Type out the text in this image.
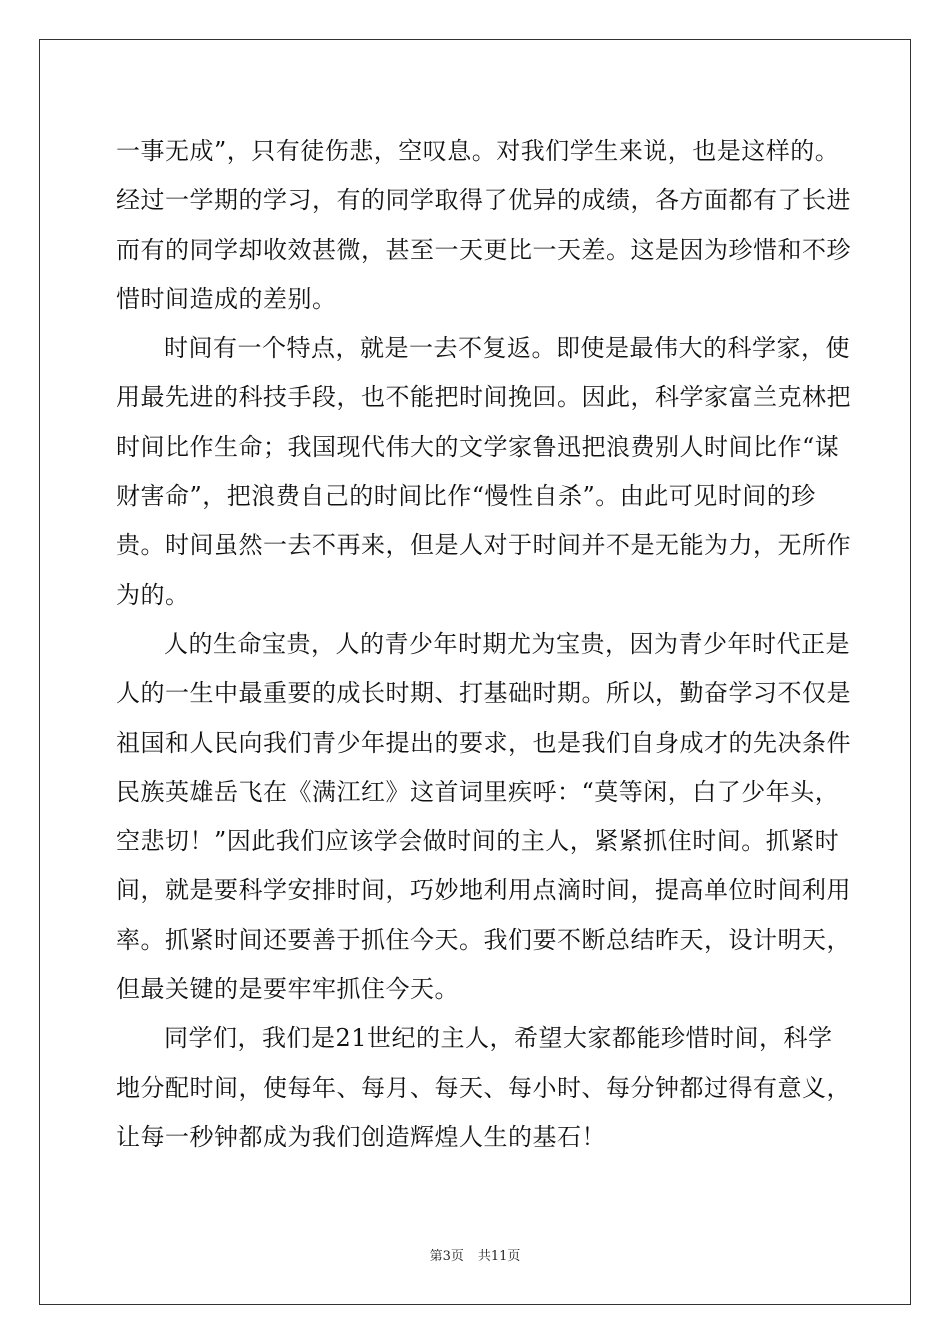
一事无成”，只有徒伤悲，空叹息。对我们学生来说，也是这样的。
经过一学期的学习，有的同学取得了优异的成绩，各方面都有了长进
而有的同学却收效甚微，甚至一天更比一天差。这是因为珍惜和不珍
惜时间造成的差别。
时间有一个特点，就是一去不复返。即使是最伟大的科学家，使
用最先进的科技手段，也不能把时间挽回。因此，科学家富兰克林把
时间比作生命；我国现代伟大的文学家鲁迅把浪费别人时间比作“谋
财害命”，把浪费自己的时间比作“慢性自杀”。由此可见时间的珍
贵。时间虽然一去不再来，但是人对于时间并不是无能为力，无所作
为的。
人的生命宝贵，人的青少年时期尤为宝贵，因为青少年时代正是
人的一生中最重要的成长时期、打基础时期。所以，勤奋学习不仅是
祖国和人民向我们青少年提出的要求，也是我们自身成才的先决条件
民族英雄岳飞在《满江红》这首词里疾呼：“莫等闲，白了少年头，
空悲切！”因此我们应该学会做时间的主人，紧紧抓住时间。抓紧时
间，就是要科学安排时间，巧妙地利用点滴时间，提高单位时间利用
率。抓紧时间还要善于抓住今天。我们要不断总结昨天，设计明天，
但最关键的是要牢牢抓住今天。
同学们，我们是21世纪的主人，希望大家都能珍惜时间，科学
地分配时间，使每年、每月、每天、每小时、每分钟都过得有意义，
让每一秒钟都成为我们创造辉煌人生的基石！
第3页 共11页
